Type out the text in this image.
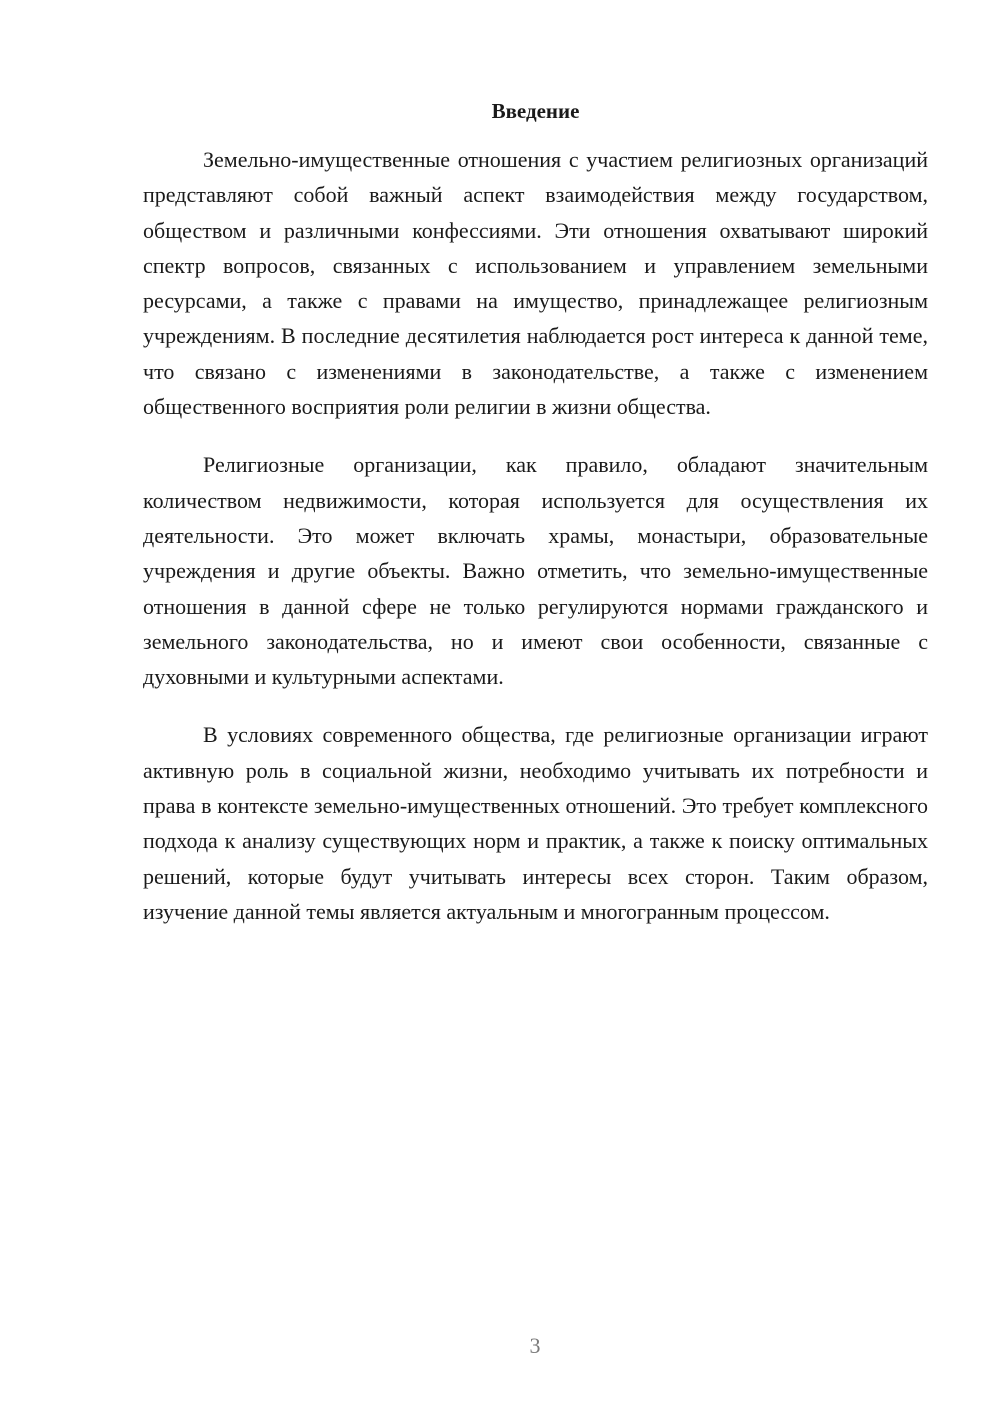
Введение

Земельно-имущественные отношения с участием религиозных организаций представляют собой важный аспект взаимодействия между государством, обществом и различными конфессиями. Эти отношения охватывают широкий спектр вопросов, связанных с использованием и управлением земельными ресурсами, а также с правами на имущество, принадлежащее религиозным учреждениям. В последние десятилетия наблюдается рост интереса к данной теме, что связано с изменениями в законодательстве, а также с изменением общественного восприятия роли религии в жизни общества.

Религиозные организации, как правило, обладают значительным количеством недвижимости, которая используется для осуществления их деятельности. Это может включать храмы, монастыри, образовательные учреждения и другие объекты. Важно отметить, что земельно-имущественные отношения в данной сфере не только регулируются нормами гражданского и земельного законодательства, но и имеют свои особенности, связанные с духовными и культурными аспектами.

В условиях современного общества, где религиозные организации играют активную роль в социальной жизни, необходимо учитывать их потребности и права в контексте земельно-имущественных отношений. Это требует комплексного подхода к анализу существующих норм и практик, а также к поиску оптимальных решений, которые будут учитывать интересы всех сторон. Таким образом, изучение данной темы является актуальным и многогранным процессом.

3
